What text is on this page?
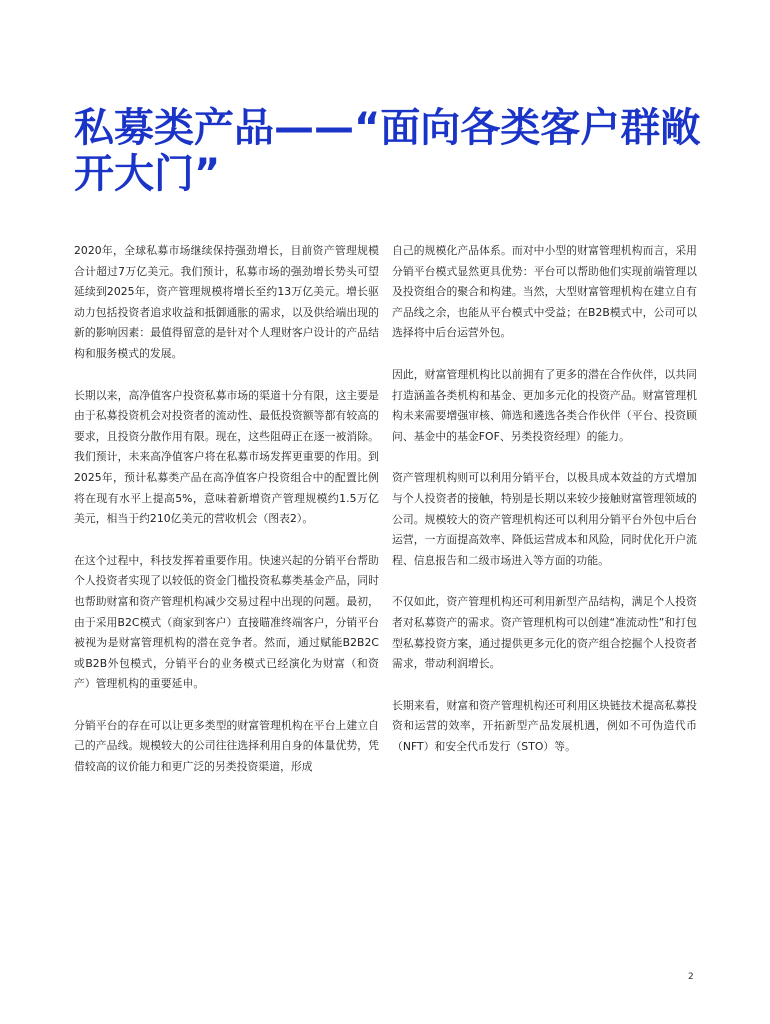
私募类产品——“面向各类客户群敞
开大门”

2020年，全球私募市场继续保持强劲增长，目前资产管理规模合计超过7万亿美元。我们预计，私募市场的强劲增长势头可望延续到2025年，资产管理规模将增长至约13万亿美元。增长驱动力包括投资者追求收益和抵御通胀的需求，以及供给端出现的新的影响因素：最值得留意的是针对个人理财客户设计的产品结构和服务模式的发展。

长期以来，高净值客户投资私募市场的渠道十分有限，这主要是由于私募投资机会对投资者的流动性、最低投资额等都有较高的要求，且投资分散作用有限。现在，这些阻碍正在逐一被消除。我们预计，未来高净值客户将在私募市场发挥更重要的作用。到2025年，预计私募类产品在高净值客户投资组合中的配置比例将在现有水平上提高5%，意味着新增资产管理规模约1.5万亿美元，相当于约210亿美元的营收机会（图表2）。

在这个过程中，科技发挥着重要作用。快速兴起的分销平台帮助个人投资者实现了以较低的资金门槛投资私募类基金产品，同时也帮助财富和资产管理机构减少交易过程中出现的问题。最初，由于采用B2C模式（商家到客户）直接瞄准终端客户，分销平台被视为是财富管理机构的潜在竞争者。然而，通过赋能B2B2C或B2B外包模式，分销平台的业务模式已经演化为财富（和资产）管理机构的重要延申。

分销平台的存在可以让更多类型的财富管理机构在平台上建立自己的产品线。规模较大的公司往往选择利用自身的体量优势，凭借较高的议价能力和更广泛的另类投资渠道，形成

自己的规模化产品体系。而对中小型的财富管理机构而言，采用分销平台模式显然更具优势：平台可以帮助他们实现前端管理以及投资组合的聚合和构建。当然，大型财富管理机构在建立自有产品线之余，也能从平台模式中受益；在B2B模式中，公司可以选择将中后台运营外包。

因此，财富管理机构比以前拥有了更多的潜在合作伙伴，以共同打造涵盖各类机构和基金、更加多元化的投资产品。财富管理机构未来需要增强审核、筛选和遴选各类合作伙伴（平台、投资顾问、基金中的基金FOF、另类投资经理）的能力。

资产管理机构则可以利用分销平台，以极具成本效益的方式增加与个人投资者的接触，特别是长期以来较少接触财富管理领域的公司。规模较大的资产管理机构还可以利用分销平台外包中后台运营，一方面提高效率、降低运营成本和风险，同时优化开户流程、信息报告和二级市场进入等方面的功能。

不仅如此，资产管理机构还可利用新型产品结构，满足个人投资者对私募资产的需求。资产管理机构可以创建“准流动性”和打包型私募投资方案，通过提供更多元化的资产组合挖掘个人投资者需求，带动利润增长。

长期来看，财富和资产管理机构还可利用区块链技术提高私募投资和运营的效率，开拓新型产品发展机遇，例如不可伪造代币（NFT）和安全代币发行（STO）等。

2
